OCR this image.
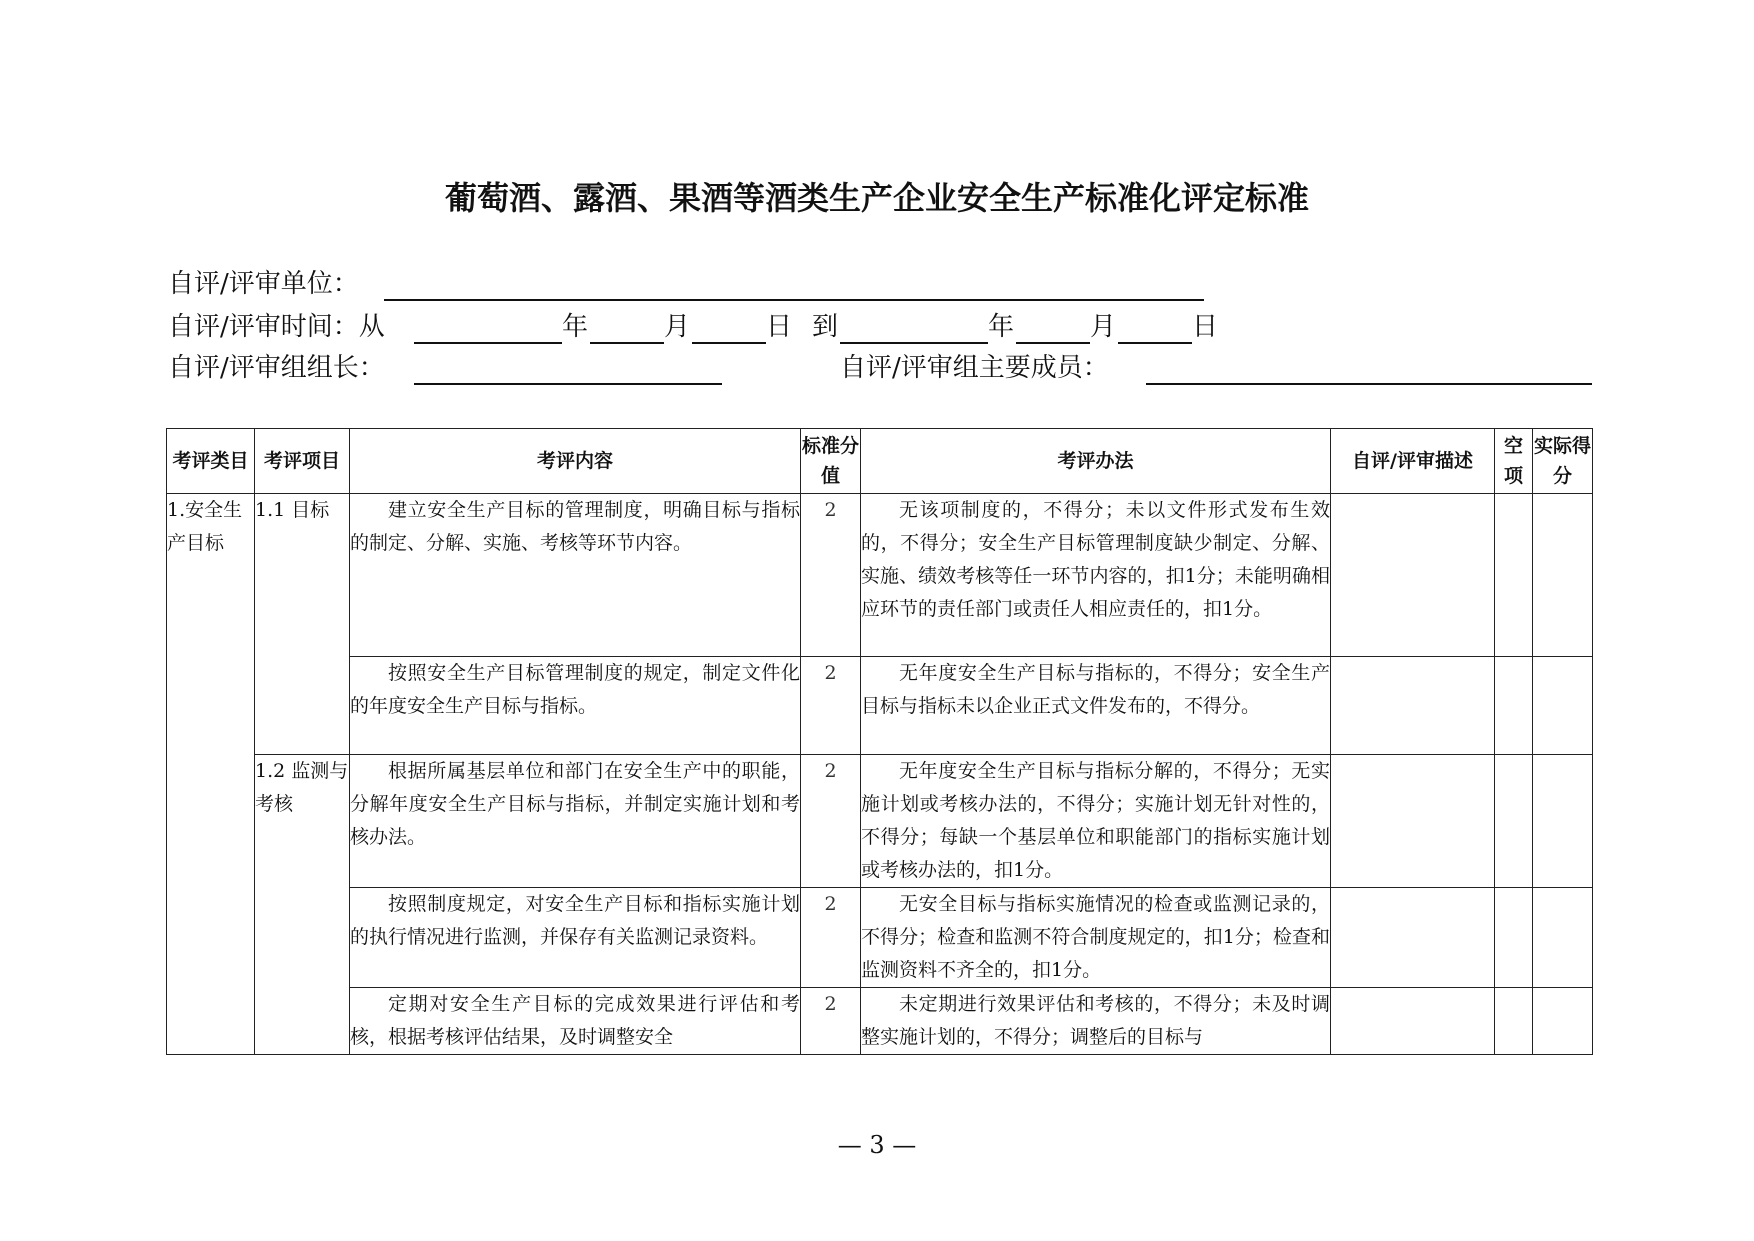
葡萄酒、露酒、果酒等酒类生产企业安全生产标准化评定标准
自评/评审单位：
自评/评审时间：从	年	月	日 到	年	月	日
自评/评审组组长：	自评/评审组主要成员：
考评类目	考评项目	考评内容	标准分值	考评办法	自评/评审描述	空项	实际得分
1.安全生产目标	1.1 目标	建立安全生产目标的管理制度，明确目标与指标的制定、分解、实施、考核等环节内容。	2	无该项制度的，不得分；未以文件形式发布生效的，不得分；安全生产目标管理制度缺少制定、分解、实施、绩效考核等任一环节内容的，扣1分；未能明确相应环节的责任部门或责任人相应责任的，扣1分。			

		按照安全生产目标管理制度的规定，制定文件化的年度安全生产目标与指标。	2	无年度安全生产目标与指标的，不得分；安全生产目标与指标未以企业正式文件发布的，不得分。			

	1.2 监测与考核	根据所属基层单位和部门在安全生产中的职能，分解年度安全生产目标与指标，并制定实施计划和考核办法。	2	无年度安全生产目标与指标分解的，不得分；无实施计划或考核办法的，不得分；实施计划无针对性的，不得分；每缺一个基层单位和职能部门的指标实施计划或考核办法的，扣1分。			

		按照制度规定，对安全生产目标和指标实施计划的执行情况进行监测，并保存有关监测记录资料。	2	无安全目标与指标实施情况的检查或监测记录的，不得分；检查和监测不符合制度规定的，扣1分；检查和监测资料不齐全的，扣1分。			

		定期对安全生产目标的完成效果进行评估和考核，根据考核评估结果，及时调整安全	2	未定期进行效果评估和考核的，不得分；未及时调整实施计划的，不得分；调整后的目标与			

— 3 —
